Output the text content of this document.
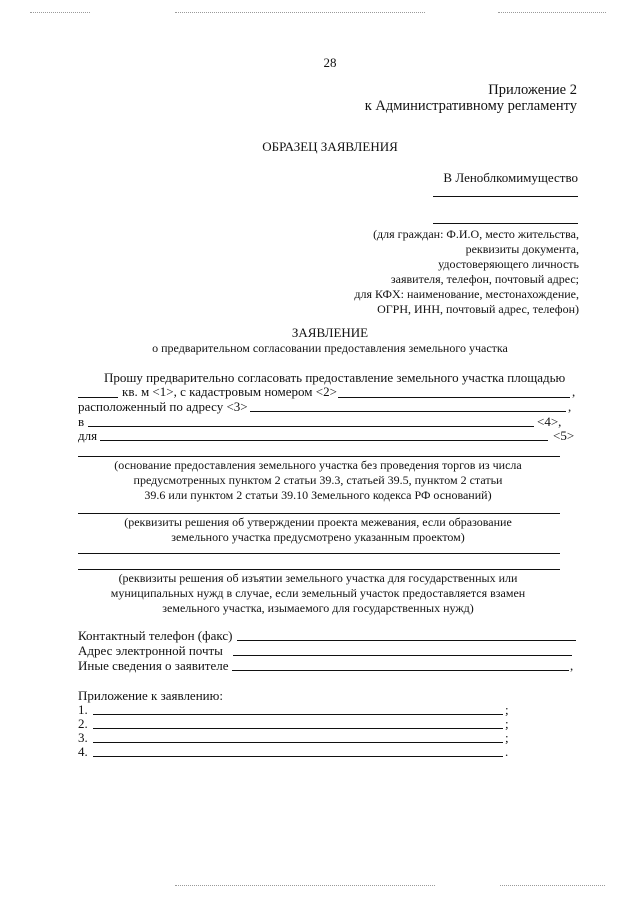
28
Приложение 2
к Административному регламенту
ОБРАЗЕЦ ЗАЯВЛЕНИЯ
В Леноблкомимущество
(для граждан: Ф.И.О, место жительства,
реквизиты документа,
удостоверяющего личность
заявителя, телефон, почтовый адрес;
для КФХ: наименование, местонахождение,
ОГРН, ИНН, почтовый адрес, телефон)
ЗАЯВЛЕНИЕ
о предварительном согласовании предоставления земельного участка
Прошу предварительно согласовать предоставление земельного участка площадью
кв. м <1>, с кадастровым номером <2>	,
расположенный по адресу <3>	,
в	<4>,
для	<5>
(основание предоставления земельного участка без проведения торгов из числа
предусмотренных пунктом 2 статьи 39.3, статьей 39.5, пунктом 2 статьи
39.6 или пунктом 2 статьи 39.10 Земельного кодекса РФ оснований)
(реквизиты решения об утверждении проекта межевания, если образование
земельного участка предусмотрено указанным проектом)
(реквизиты решения об изъятии земельного участка для государственных или
муниципальных нужд в случае, если земельный участок предоставляется взамен
земельного участка, изымаемого для государственных нужд)
Контактный телефон (факс)
Адрес электронной почты
Иные сведения о заявителе	,
Приложение к заявлению:
1.	;
2.	;
3.	;
4.	.
